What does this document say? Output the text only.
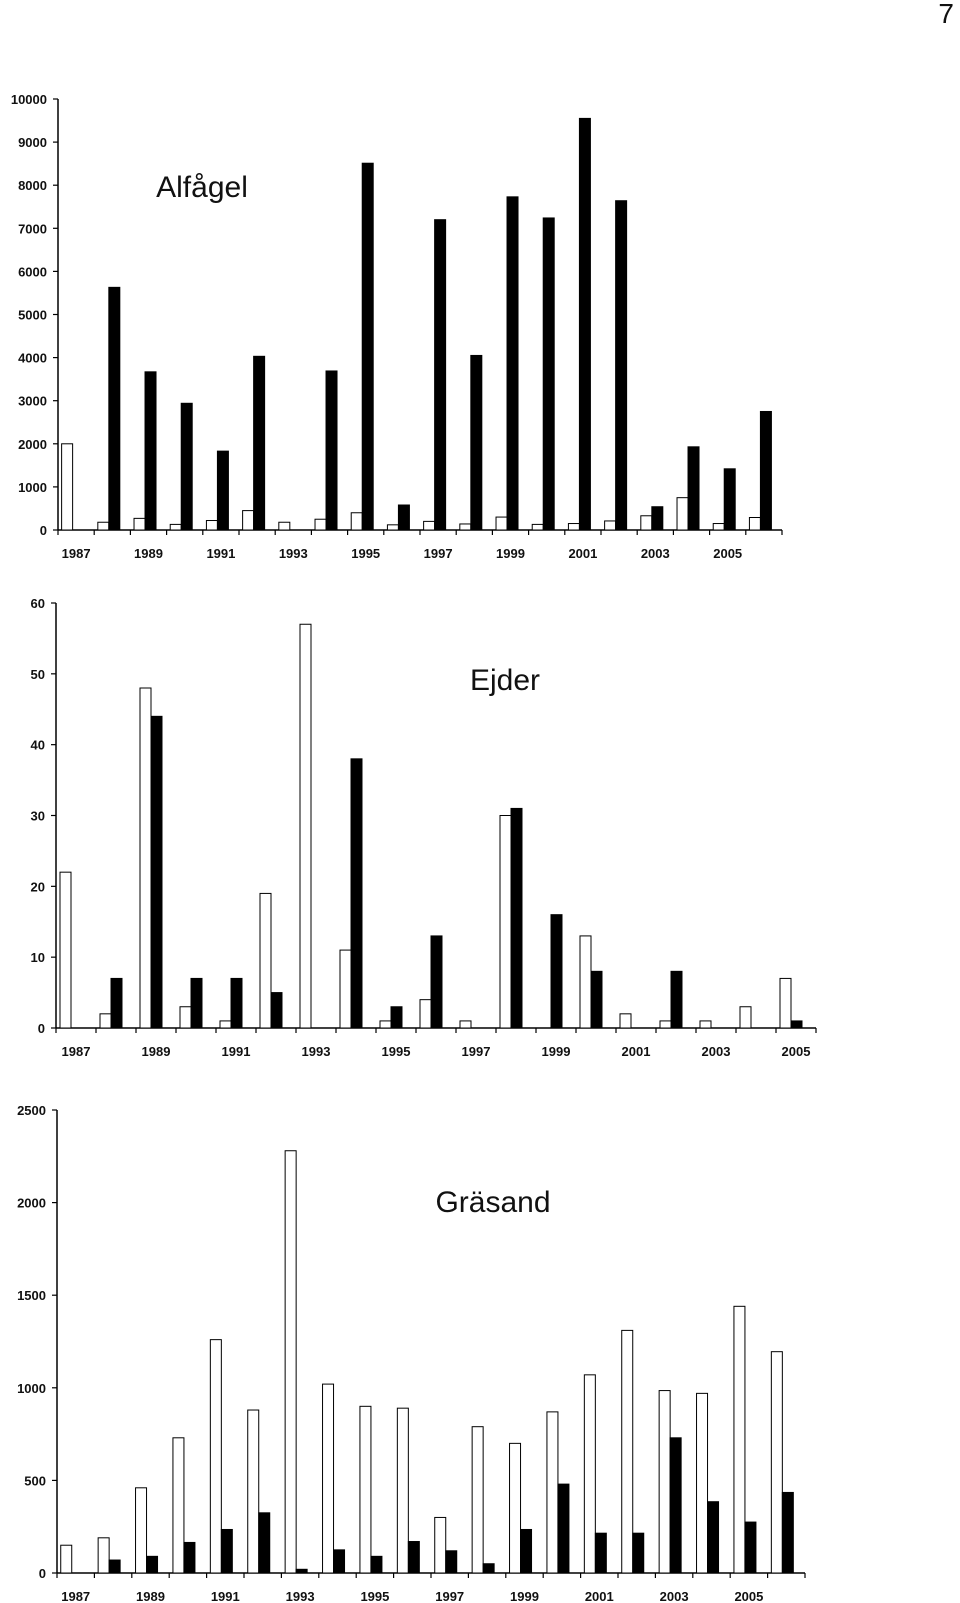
7
0
1000
2000
3000
4000
5000
6000
7000
8000
9000
10000
1987	1989	1991	1993	1995	1997	1999	2001	2003	2005
Alfågel
0
10
20
30
40
50
60
1987	1989	1991	1993	1995	1997	1999	2001	2003	2005
Ejder
0
500
1000
1500
2000
2500
1987	1989	1991	1993	1995	1997	1999	2001	2003	2005
Gräsand
